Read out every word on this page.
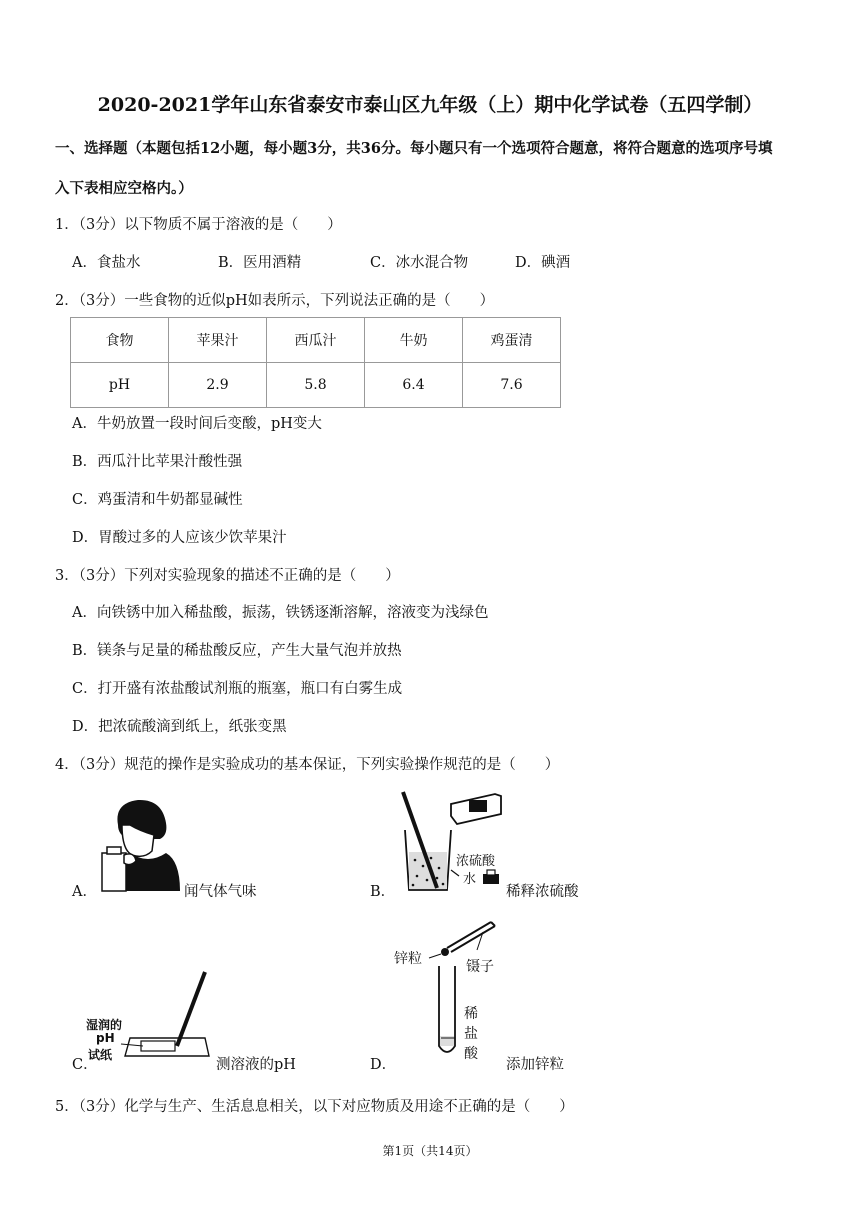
2020-2021学年山东省泰安市泰山区九年级（上）期中化学试卷（五四学制）
一、选择题（本题包括12小题，每小题3分，共36分。每小题只有一个选项符合题意，将符合题意的选项序号填
入下表相应空格内。）
1．（3分）以下物质不属于溶液的是（　　）
A．食盐水	B．医用酒精	C．冰水混合物	D．碘酒
2．（3分）一些食物的近似pH如表所示，下列说法正确的是（　　）
食物	苹果汁	西瓜汁	牛奶	鸡蛋清
pH	2.9	5.8	6.4	7.6
A．牛奶放置一段时间后变酸，pH变大
B．西瓜汁比苹果汁酸性强
C．鸡蛋清和牛奶都显碱性
D．胃酸过多的人应该少饮苹果汁
3．（3分）下列对实验现象的描述不正确的是（　　）
A．向铁锈中加入稀盐酸，振荡，铁锈逐渐溶解，溶液变为浅绿色
B．镁条与足量的稀盐酸反应，产生大量气泡并放热
C．打开盛有浓盐酸试剂瓶的瓶塞，瓶口有白雾生成
D．把浓硫酸滴到纸上，纸张变黑
4．（3分）规范的操作是实验成功的基本保证，下列实验操作规范的是（　　）
A．	闻气体气味	B．
浓硫酸
水
稀释浓硫酸
C．
湿润的
pH
试纸
测溶液的pH	D．
锌粒	镊子
稀
盐
酸
添加锌粒
5．（3分）化学与生产、生活息息相关，以下对应物质及用途不正确的是（　　）
第1页（共14页）
